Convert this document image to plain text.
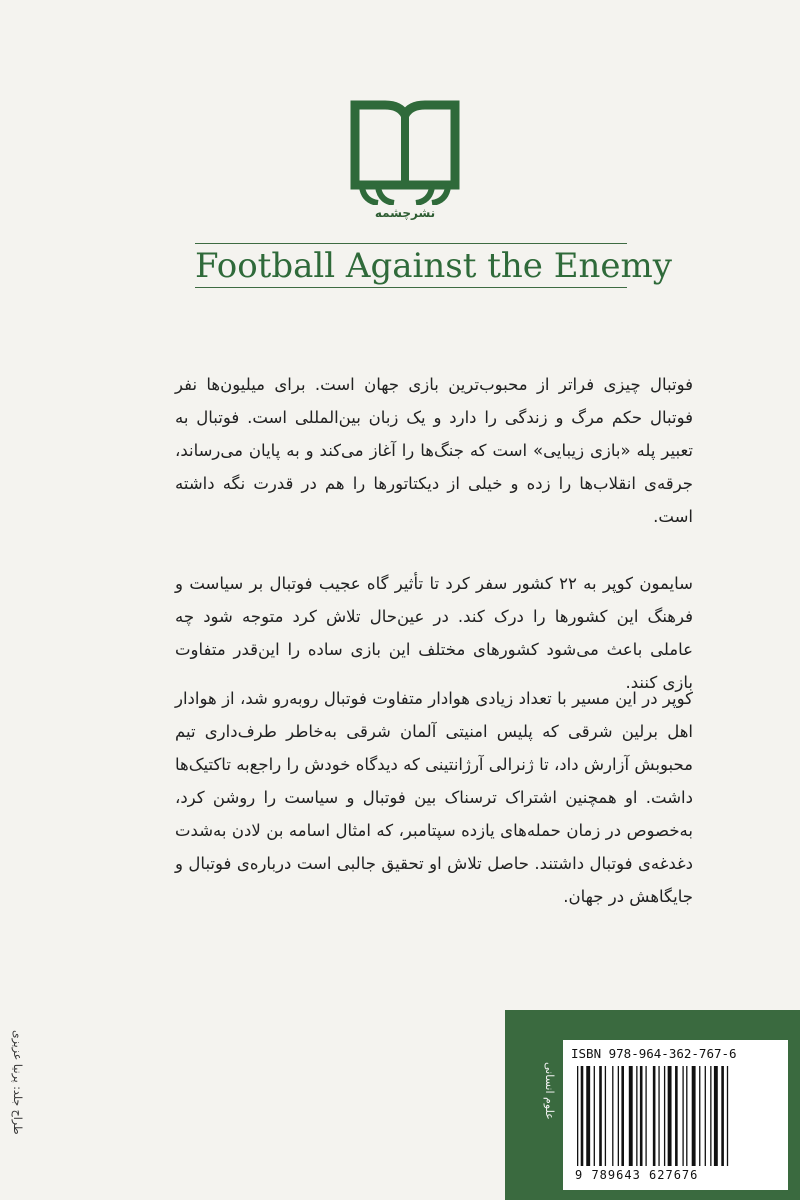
نشرچشمه
Football Against the Enemy
فوتبال چیزی فراتر از محبوب‌ترین بازی جهان است. برای میلیون‌ها نفر فوتبال حکم مرگ و زندگی را دارد و یک زبان بین‌المللی است. فوتبال به تعبیر پله «بازی زیبایی» است که جنگ‌ها را آغاز می‌کند و به پایان می‌رساند، جرقه‌ی انقلاب‌ها را زده و خیلی از دیکتاتورها را هم در قدرت نگه داشته است.
سایمون کوپر به ۲۲ کشور سفر کرد تا تأثیر گاه عجیب فوتبال بر سیاست و فرهنگ این کشورها را درک کند. در عین‌حال تلاش کرد متوجه شود چه عاملی باعث می‌شود کشورهای مختلف این بازی ساده را این‌قدر متفاوت بازی کنند.
کوپر در این مسیر با تعداد زیادی هوادار متفاوت فوتبال روبه‌رو شد، از هوادار اهل برلین شرقی که پلیس امنیتی آلمان شرقی به‌خاطر طرف‌داری تیم محبوبش آزارش داد، تا ژنرالی آرژانتینی که دیدگاه خودش را راجع‌به تاکتیک‌ها داشت. او همچنین اشتراک ترسناک بین فوتبال و سیاست را روشن کرد، به‌خصوص در زمان حمله‌های یازده سپتامبر، که امثال اسامه بن لادن به‌شدت دغدغه‌ی فوتبال داشتند. حاصل تلاش او تحقیق جالبی است درباره‌ی فوتبال و جایگاهش در جهان.
طراح جلد: پرنیا عزیزی	علوم انسانی
ISBN 978-964-362-767-6
9 789643 627676
